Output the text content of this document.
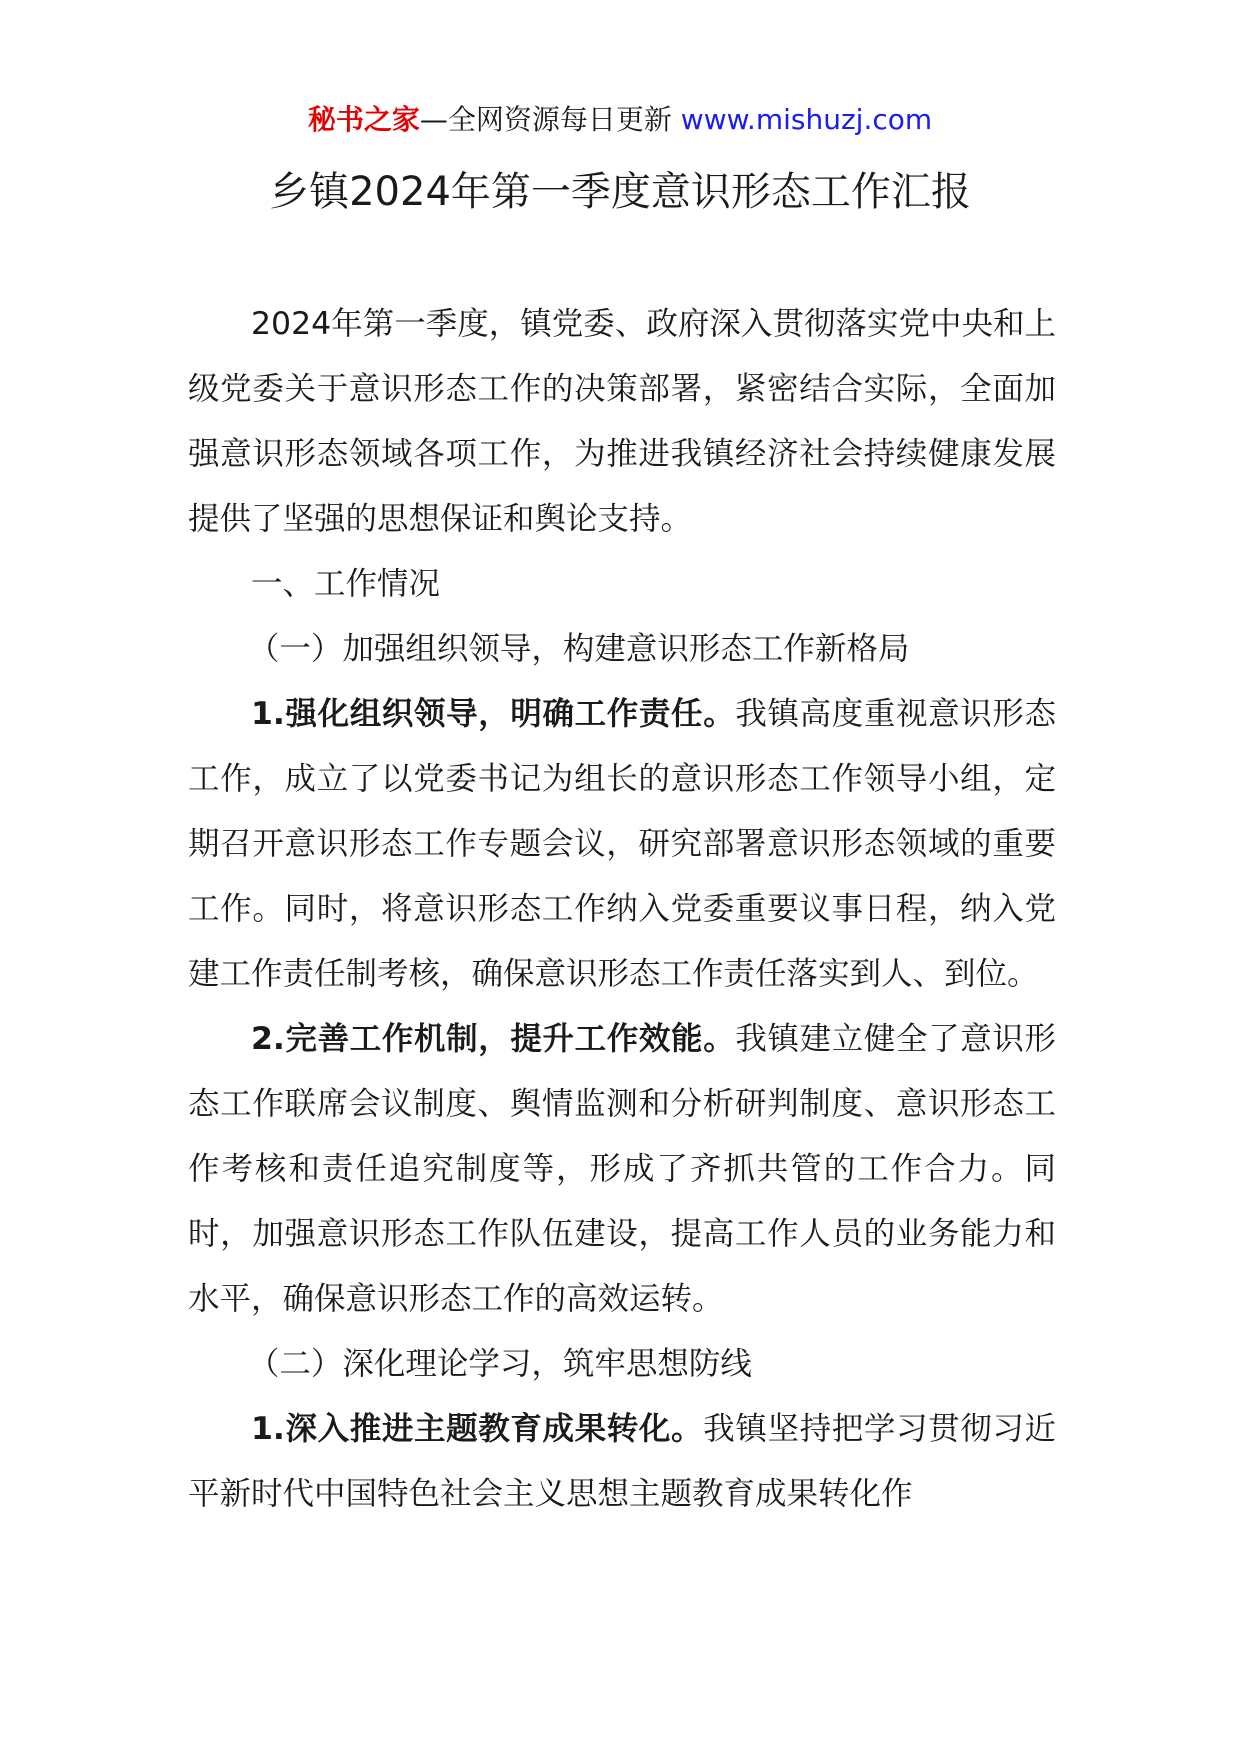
秘书之家—全网资源每日更新 www.mishuzj.com
乡镇2024年第一季度意识形态工作汇报

2024年第一季度，镇党委、政府深入贯彻落实党中央和上级党委关于意识形态工作的决策部署，紧密结合实际，全面加强意识形态领域各项工作，为推进我镇经济社会持续健康发展提供了坚强的思想保证和舆论支持。

一、工作情况

（一）加强组织领导，构建意识形态工作新格局

1.强化组织领导，明确工作责任。我镇高度重视意识形态工作，成立了以党委书记为组长的意识形态工作领导小组，定期召开意识形态工作专题会议，研究部署意识形态领域的重要工作。同时，将意识形态工作纳入党委重要议事日程，纳入党建工作责任制考核，确保意识形态工作责任落实到人、到位。

2.完善工作机制，提升工作效能。我镇建立健全了意识形态工作联席会议制度、舆情监测和分析研判制度、意识形态工作考核和责任追究制度等，形成了齐抓共管的工作合力。同时，加强意识形态工作队伍建设，提高工作人员的业务能力和水平，确保意识形态工作的高效运转。

（二）深化理论学习，筑牢思想防线

1.深入推进主题教育成果转化。我镇坚持把学习贯彻习近平新时代中国特色社会主义思想主题教育成果转化作
